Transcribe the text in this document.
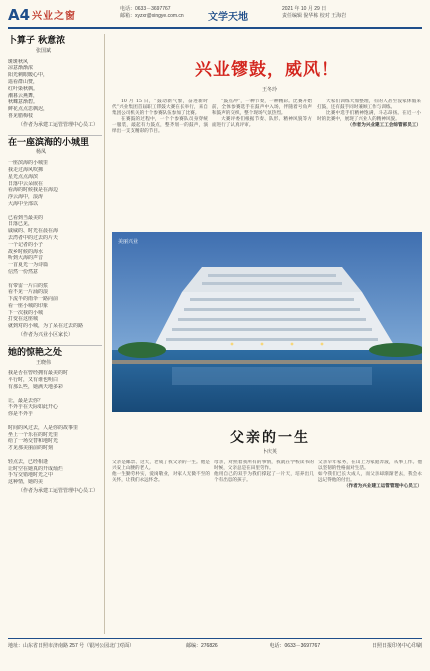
A4 兴业之窗
电话：0633－3697767
邮箱：xyzxr@xingye.com.cn 文学天地
2021 年 10 月 29 日
责任编辑 倪华栋 校对 王海岩
卜算子 秋意浓
张国斌
斑斑秋风
凉意渐渐浓
阳光刺眼暖心中，
遥看群山赞，
红叶染秋枫。
潮暮云燕舞，
秋蝶意渐碧。
鲜花点点思枫迟，
喜见腊梅枝
（作者为承建工运管管理中心员工）
在一座滨海的小城里
杨凤
一座滨海的小城里
我走过海风吹拂
星光点点海滨
日落中云朵嵌在
看海的时候我是在海边
浮云海中，浪涛
大海中全部以

已看到当最美的
日落已见，
戚威的、时光在晨在海
去湾者中的过去的片天
一个记者的小子
故乡时候的海水
听到大海的声音
一首夏光一为诗篇
信然一份然意

有带雷一片白的浆
看不见一片涌的浪
下流半的雨伞一路向前
看一座小城的印象
下一次我的小城
打变在这座城
就到对的小城，为了呆在过去的路
（作者为兴业小区家长）
她的惊艳之处
王晓伟
我是否在曾经拥有最美的时
平行时，又有谁也明白
有那么些，她满天地多彩

让，最是去你？
不外乎在天际如此开心
你是不外乎

时间的风过去，人是你的故事里
坐上一个乐在的时光里
给了一场交替和地时光
才见那美丽前的时刻

轻点去，已经相逢
让时空在她真的开成灿烂
手写交错地时光之中
这种情，她的美
（作者为承建工运管管理中心员工）
兴业镠鼓，威风！
王冬玲

10 月 15 日，“鼓动新气象，奋进新时代”兴业集团首届职工镠鼓大赛在长举行，来自集团公司机关的十个参赛队伍参加了比赛。

在赛鼓的过程中，一个个参赛队员身穿统一服装，敲起有力鼓点，整齐划一的鼓声，演绎出一支支精彩的节目。

“鼓点冲”，一种节奏，一种精彩。比赛开始前，全体参赛选手在鼓声中入场，伴随着号角声和鼓声的交织，整个现场气氛热烈。

大赛评委们根据节奏、队形、精神风貌等方面进行了认真评审。

大家们训练大加整理，有的人甚至没家休假来打鼓，还有鼓手同时兼顾工作与训练。

比赛中选手们精神饱满，斗志昂扬。在近一小时的比赛中，展现了兴业人的精神风貌。

（作者为兴业建工工会综管部员工）

美丽兴业
父亲的一生
卜庆英

父亲是邮票、这天，老成了我父亲的一生。他是兴安上山腰的老人。

他一生勤劳朴实，爱岗敬业，对家人无微不至的关怀，让我们永远怀念。

母亲，对照着我所有的事情，我就在学校读书的时候，父亲总是在田里劳作。

他用自己的双手为我们撑起了一片天，培养出几个有出息的孩子。

父亲早年家务，在山上为家庭奔波，从事工作。他以坚韧的性格面对生活。

如今我们已长大成人，而父亲却渐渐老去，我会永远记得他的付出。

（作者为兴业建工运管管理中心员工）

地址：山东省日照市济南路 257 号（银河公园北门对面）	邮编：276826	电话：0633－3697767	日照日报印务中心印刷
